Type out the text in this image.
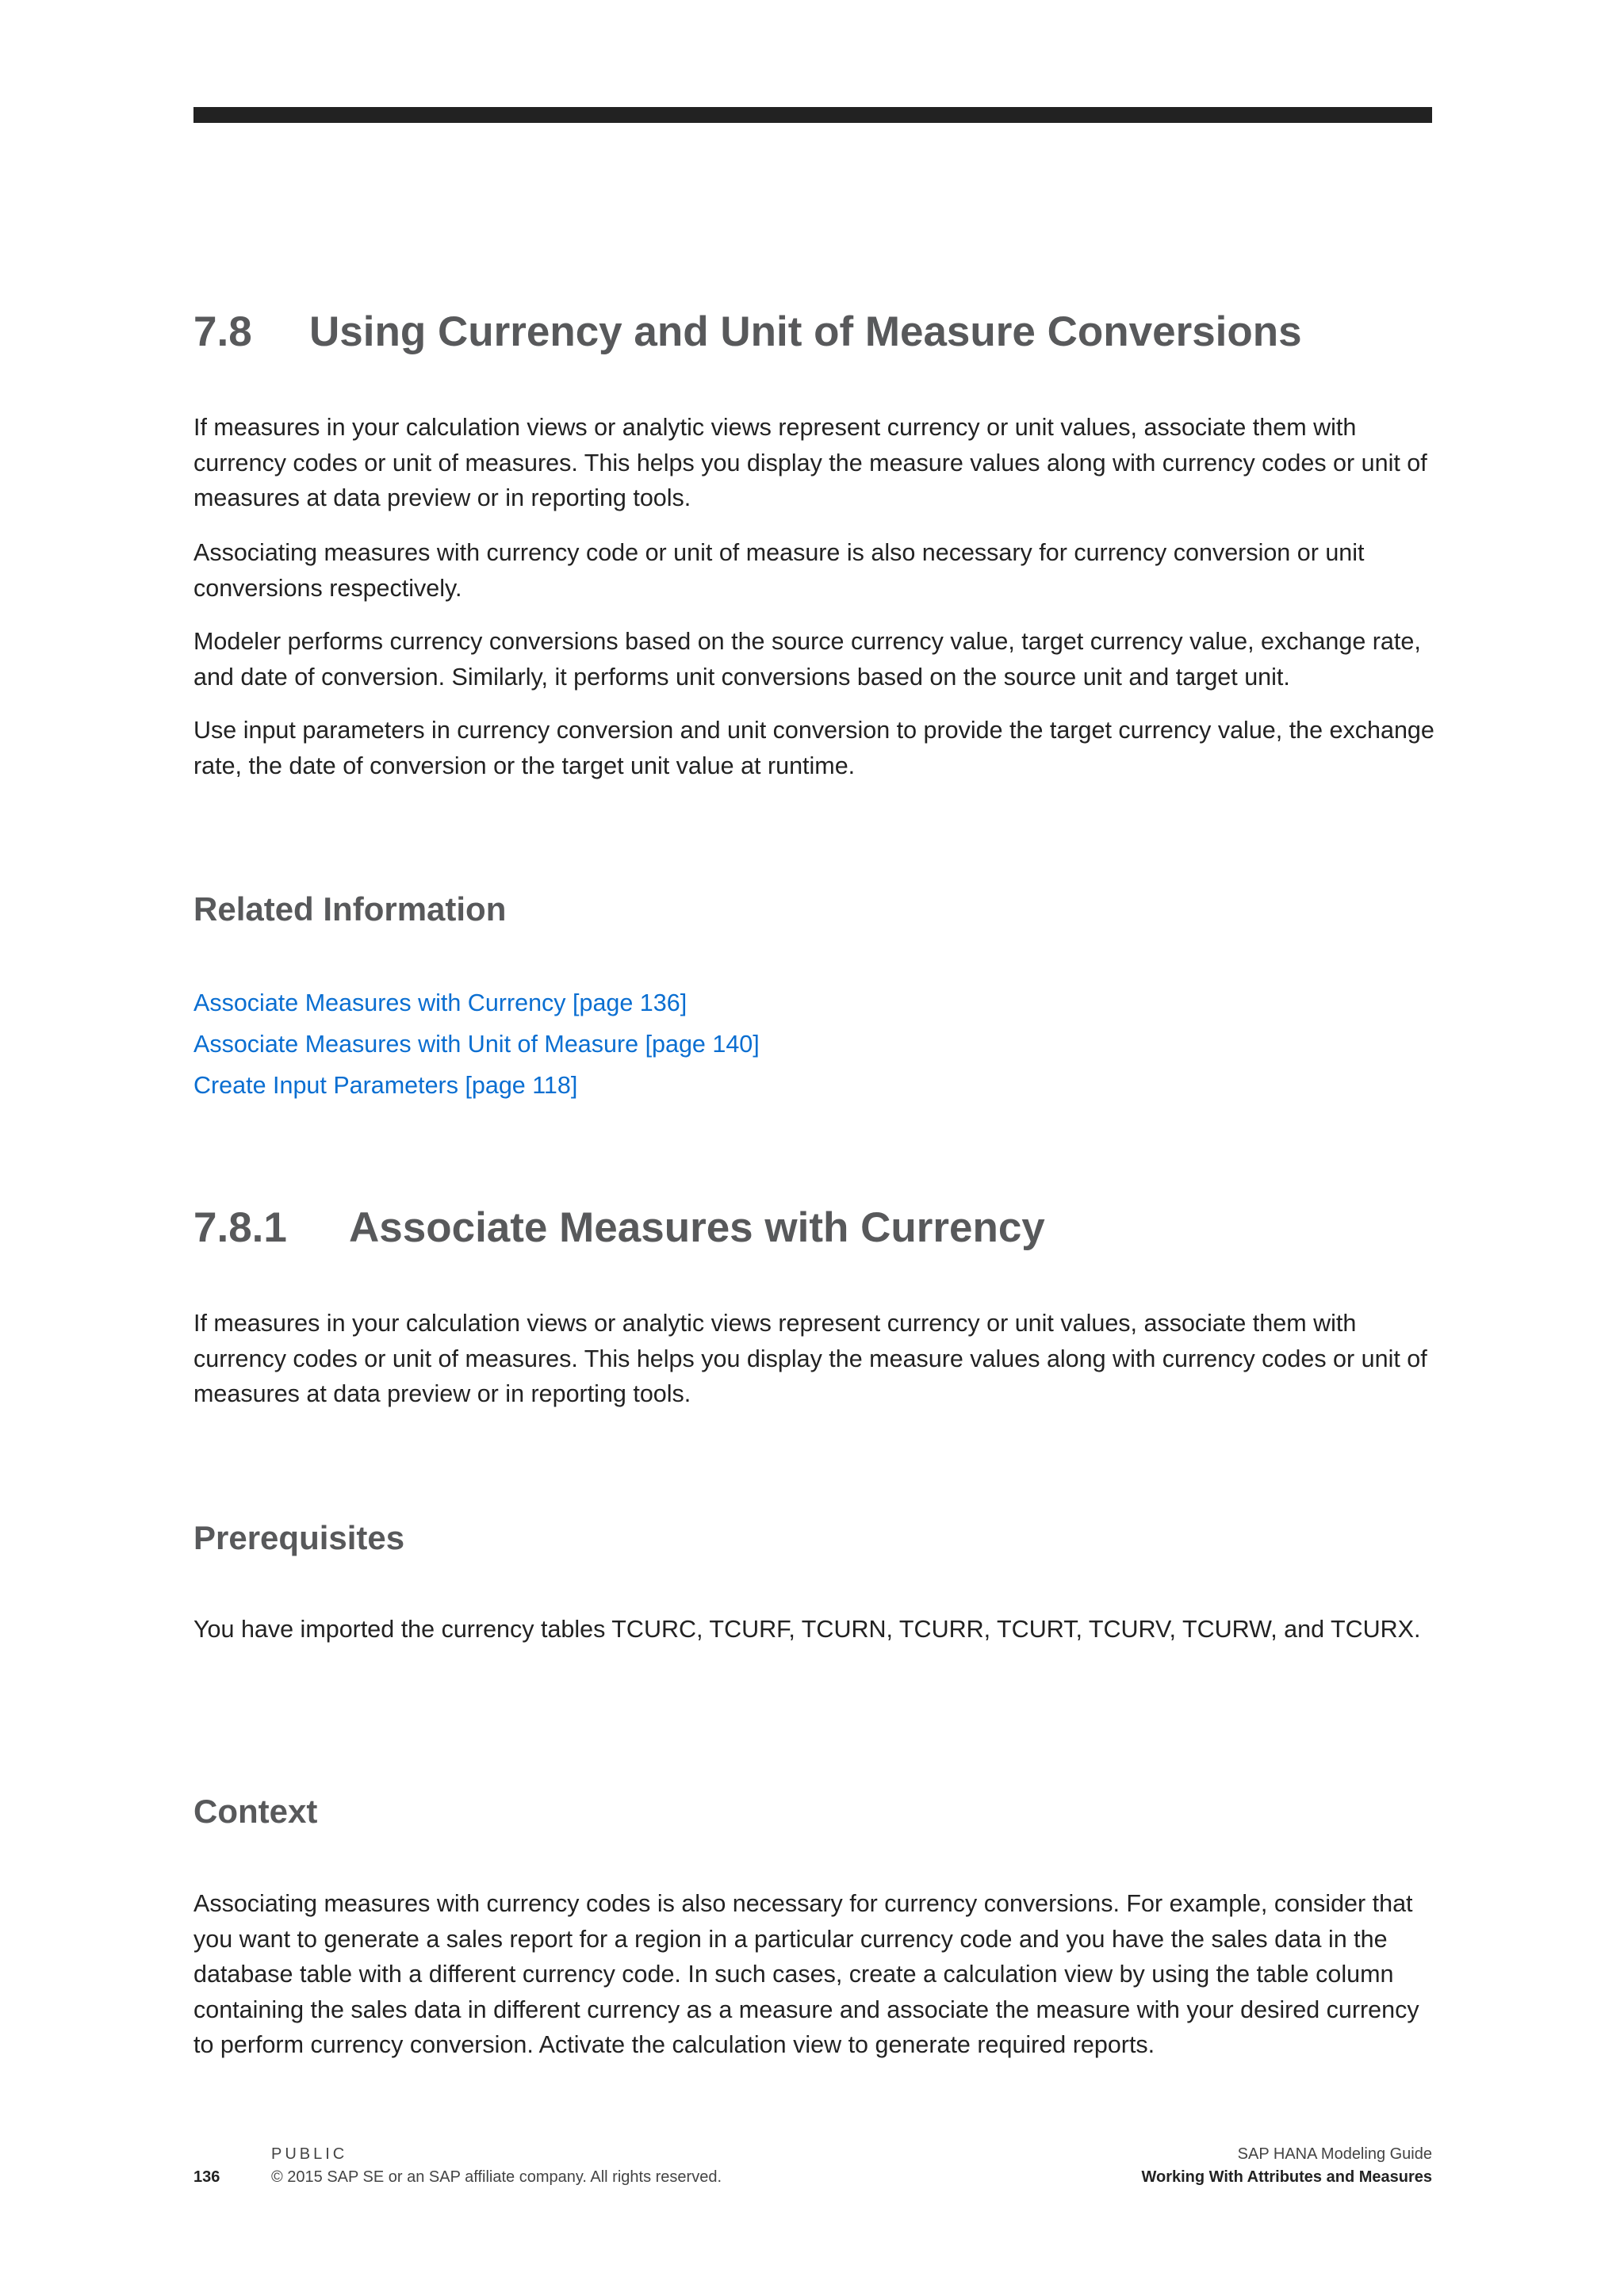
7.8 Using Currency and Unit of Measure Conversions

If measures in your calculation views or analytic views represent currency or unit values, associate them with currency codes or unit of measures. This helps you display the measure values along with currency codes or unit of measures at data preview or in reporting tools.

Associating measures with currency code or unit of measure is also necessary for currency conversion or unit conversions respectively.

Modeler performs currency conversions based on the source currency value, target currency value, exchange rate, and date of conversion. Similarly, it performs unit conversions based on the source unit and target unit.

Use input parameters in currency conversion and unit conversion to provide the target currency value, the exchange rate, the date of conversion or the target unit value at runtime.

Related Information
Associate Measures with Currency [page 136]
Associate Measures with Unit of Measure [page 140]
Create Input Parameters [page 118]
7.8.1 Associate Measures with Currency

If measures in your calculation views or analytic views represent currency or unit values, associate them with currency codes or unit of measures. This helps you display the measure values along with currency codes or unit of measures at data preview or in reporting tools.

Prerequisites

You have imported the currency tables TCURC, TCURF, TCURN, TCURR, TCURT, TCURV, TCURW, and TCURX.

Context

Associating measures with currency codes is also necessary for currency conversions. For example, consider that you want to generate a sales report for a region in a particular currency code and you have the sales data in the database table with a different currency code. In such cases, create a calculation view by using the table column containing the sales data in different currency as a measure and associate the measure with your desired currency to perform currency conversion. Activate the calculation view to generate required reports.

PUBLIC
136	© 2015 SAP SE or an SAP affiliate company. All rights reserved.
SAP HANA Modeling Guide
Working With Attributes and Measures
